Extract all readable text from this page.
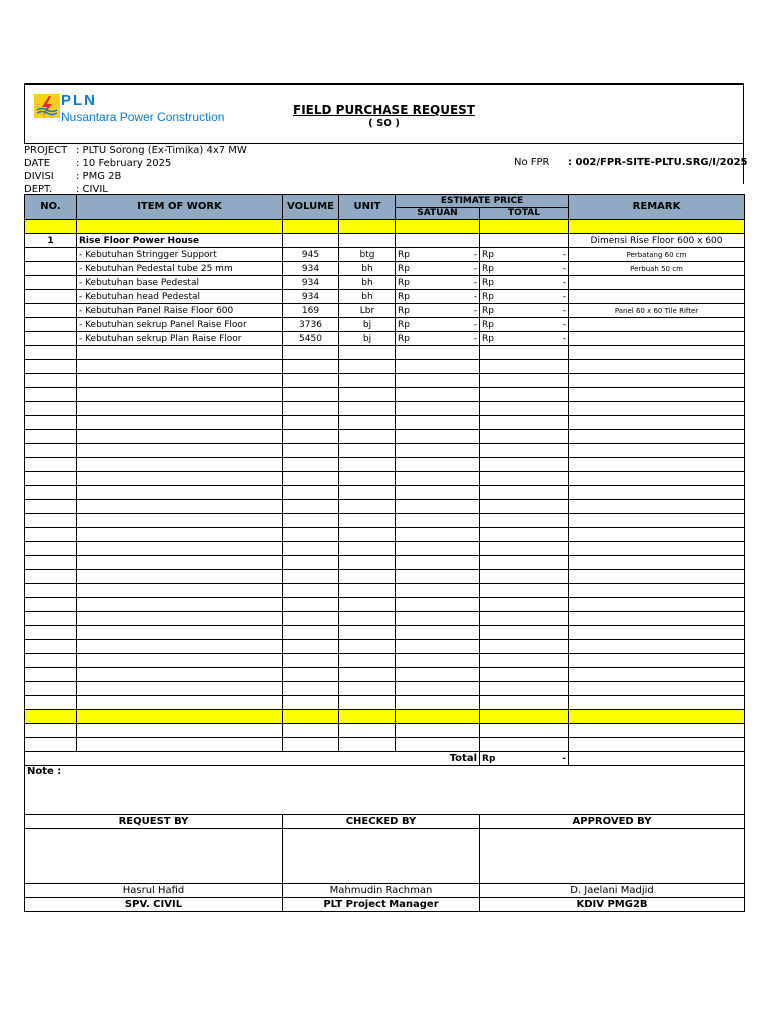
PLN
Nusantara Power Construction	FIELD PURCHASE REQUEST
( SO )
PROJECT : PLTU Sorong (Ex-Timika) 4x7 MW
DATE	: 10 February 2025
DIVISI : PMG 2B
DEPT. : CIVIL
No FPR : 002/FPR-SITE-PLTU.SRG/I/2025
NO.	ITEM OF WORK	VOLUME	UNIT	ESTIMATE PRICE		REMARK
				SATUAN	TOTAL	

1	Rise Floor Power House					Dimensi Rise Floor 600 x 600
	- Kebutuhan Stringger Support	945	btg	Rp -	Rp -	Perbatang 60 cm
	- Kebutuhan Pedestal tube 25 mm	934	bh	Rp -	Rp -	Perbuah 50 cm
	- Kebutuhan base Pedestal	934	bh	Rp -	Rp -	

	- Kebutuhan head Pedestal	934	bh	Rp -	Rp -	

	- Kebutuhan Panel Raise Floor 600	169	Lbr	Rp -	Rp -	Panel 60 x 60 Tile Rifter
	- Kebutuhan sekrup Panel Raise Floor	3736	bj	Rp -	Rp -	

	- Kebutuhan sekrup Plan Raise Floor	5450	bj	Rp -	Rp -	

Total	Rp	-

Note :
REQUEST BY	CHECKED BY	APPROVED BY

Hasrul Hafid	Mahmudin Rachman	D. Jaelani Madjid
SPV. CIVIL	PLT Project Manager	KDIV PMG2B
